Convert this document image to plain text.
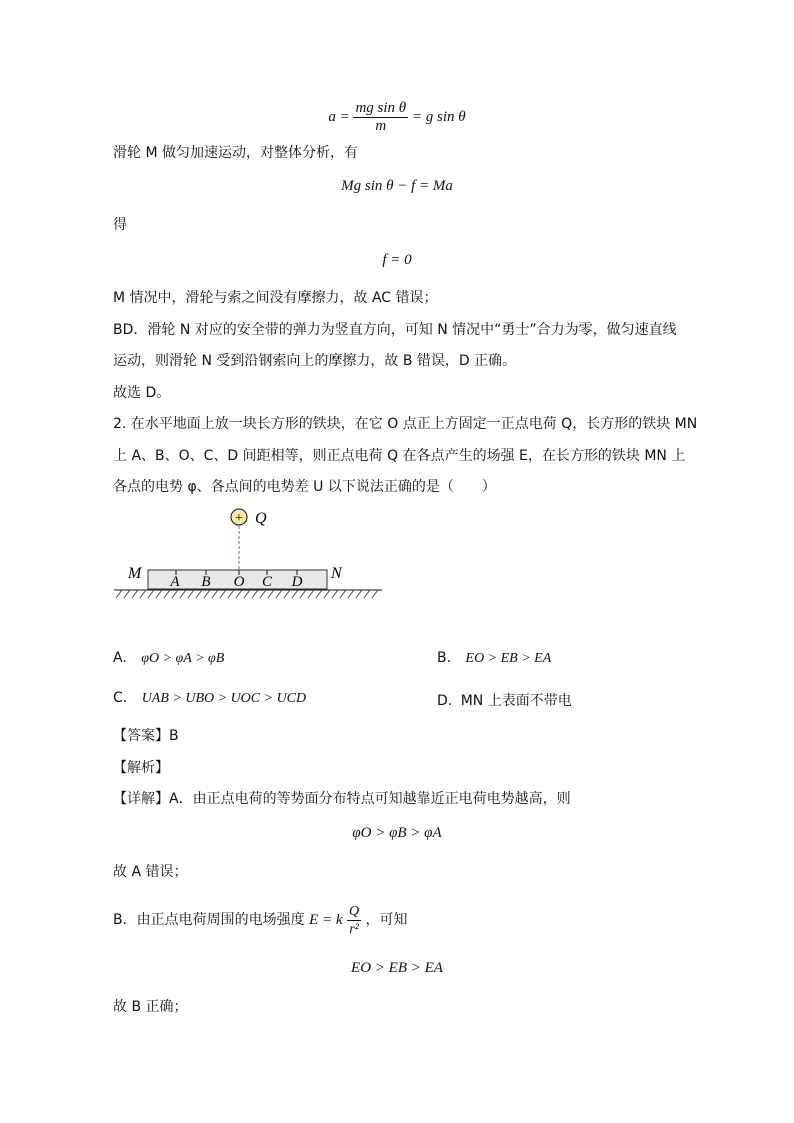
$a = \frac{\text{mg sin θ}}{m} = g$ sin θ
滑轮 M 做匀加速运动，对整体分析，有
Mg sin θ − f = Ma
得
f = 0
M 情况中，滑轮与索之间没有摩擦力，故 AC 错误；
BD．滑轮 N 对应的安全带的弹力为竖直方向，可知 N 情况中“勇士”合力为零，做匀速直线
运动，则滑轮 N 受到沿钢索向上的摩擦力，故 B 错误，D 正确。
故选 D。
2. 在水平地面上放一块长方形的铁块，在它 O 点正上方固定一正点电荷 Q，长方形的铁块 MN
上 A、B、O、C、D 间距相等，则正点电荷 Q 在各点产生的场强 E，在长方形的铁块 MN 上
各点的电势 φ、各点间的电势差 U 以下说法正确的是（　　）
+ Q
M	N
A B O C D
A. φO > φA > φB	B. EO > EB > EA
C. UAB > UBO > UOC > UCD	D. MN 上表面不带电
【答案】B
【解析】
【详解】A．由正点电荷的等势面分布特点可知越靠近正电荷电势越高，则
φO > φB > φA
故 A 错误；
B．由正点电荷周围的电场强度 E = k $\frac{Q}{\text{r²}}$ ，可知
EO > EB > EA
故 B 正确；
